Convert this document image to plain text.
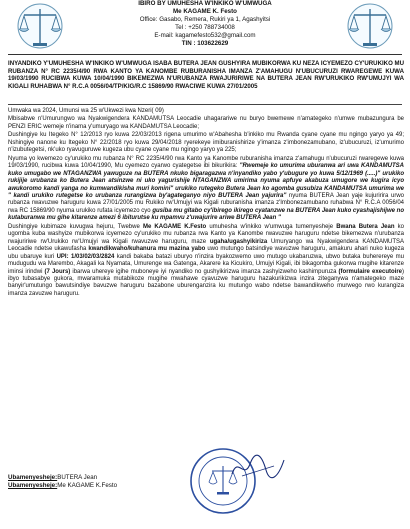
IBIRO BY UMUHESHA W'INKIKO W'UMWUGA
Me KAGAME K. Festo
Office: Gasabo, Remera, Rukiri ya 1, Agashyitsi
Tel : +250 788734008
E-mail: kagamefesto532@gmail.com
TIN : 103622629
INYANDIKO Y'UMUHESHA W'INKIKO W'UMWUGA ISABA BUTERA JEAN GUSHYIRA MUBIKORWA KU NEZA ICYEMEZO CY'URUKIKO MU RUBANZA N° RC 2235/4/90 RWA KANTO YA KANOMBE RUBURANISHA IMANZA Z'AMAHUGU N'UBUCURUZI RWAREGEWE KUWA 19/03/1990 RUCIBWA KUWA 10/04/1990 BIKEMEZWA N'URUBANZA RWAJURIRIWE NA BUTERA JEAN RW'URUKIKO RW'UMUJYI WA KIGALI RUHABWA N° R.C.A 0056/04/TP/KIG/R.C 15869/90 RWACIWE KUWA 27/01/2005

Umwaka wa 2024, Umunsi wa 25 w'Ukwezi kwa Nzeri( 09)

Mbisabwe n'Umurungwo wa Nyakwigendera KANDAMUTSA Leocadie uhagarariwe nu buryo bwemewe n'amategeko n'umwe mubazungura be PENZI ERIC wemeje n'inama y'umuryago wa KANDAMUTSA Leocadie;

Dushingiye ku Itegeko N° 12/2013 ryo kuwa 22/03/2013 rigena umurimo w'Abahesha b'inkiko mu Rwanda cyane cyane mu ngingo yaryo ya 49; Nshingiye nanone ku Itegeko N° 22/2018 ryo kuwa 29/04/2018 ryerekeye imiburanishirize y'imanza z'imbonezamubano, iz'ubucuruzi, iz'umurimo n'izubutegetsi, nk'uko ryavuguruwe kugeza ubu cyane cyane mu ngingo yaryo ya 225;

Nyuma yo kwemezo cy'urukiko mu rubanza N° RC 2235/4/90 rwa Kanto ya Kanombe ruburanisha imanza z'amahugu n'ubucuruzi rwaregewe kuwa 19/03/1990, rucibwa kuwa 10/04/1990, Mu cyemezo cyarwo cyategetse ibi bikurikira: "Rwemeje ko umurima uburanwa ari uwa KANDAMUTSA kuko umugabo we NTAGANZWA yawuguze na BUTERA nkuko bigaragazwa n'inyandiko yabo y'ubugure yo kuwa 5/12/1969 (.....)" urukiko rukijije urubanza ko Butera Jean atsinzwe ni uko yagurishije NTAGANZWA umirima nyuma apfuye akabuza umugore we kugira icyo awukoromo kandi yanga no kumwandikisha muri komini" urukiko rutegeko Butera Jean ko agomba gusubiza KANDAMUTSA umurima we " kandi urukiko rutegetse ko urubanza rurangizwa by'agateganyo niyo BUTERA Jean yajurira" nyuma BUTERA Jean yaje kujuririra urwo rubanza rwavuzwe haruguru kuwa 27/01/2005 mu Rukiko rw'Umujyi wa Kigali ruburanisha imanza z'Imbonezamubano ruhabwa N° R.C.A 0056/04 rwa RC 15869/90 nyuma urukiko rufata icyemezo cyo gusiba mu gitabo cy'ibirego ikirego cyatanzwe na BUTERA Jean kuko cyashajishijwe no kutaburanwa mu gihe kitarenze amezi 6 ibiturutse ku mpamvu z'uwajurire ariwe BUTERA Jean "

Dushingiye kubimaze kuvugwa hejuru, Twebwe Me KAGAME K.Festo umuhesha w'inkiko w'umwuga tumenyesheje Bwana Butera Jean ko ugomba kuba washyize mubikorwa icyemezo cy'urukiko mu rubanza rwa Kanto ya Kanombe rwavuzwe haruguru ndetse bikemezwa n'urubanza rwajuririwe rw'Urukiko rw'Umujyi wa Kigali rwavuzwe haruguru, maze ugaha/ugashyikiriza Umuryango wa Nyakwigendera KANDAMUTSA Leocadie ndetse ukawufasha kwandikwaho/kuhanura mu mazina yabo uwo mutungo batsindiye wavuzwe haruguru, amakuru ahari nuko kugeza ubu ubaruye kuri UPI: 1/03/02/03/2824 kandi bakaba batazi uburyo n'inzira byakozwemo uwo mutugo ukabaruzwa, ubwo butaka buherereye mu mudugudu wa Marembo, Akagali ka Nyamata, Umurenge wa Gatenga, Akarere ka Kicukiro, Umujyi Kigali, ibi bikagomba gukorwa mugihe kitarenze iminsi irindwi (7 Jours) ibarwa uhereye igihe muboneye iyi nyandiko no gushyikirizwa imanza zashyizweho kashimpuruza (formulaire executoire) ibyo tubasabye gukora, mwaramuka mutabikoze mugihe mwahawe cyavuzwe haruguru hazakurikizwa inzira ziteganywa n'amategeko maze banyir'umutungo bawutsindiye bavuzwe haruguru bazabone uburenganzira ku mutungo wabo ndetse bawandikweho murwego rwo kurangiza imanza zavuzwe haruguru.

Ubamenyesheje:BUTERA Jean
Ubamenyesheje:Me KAGAME K.Festo
